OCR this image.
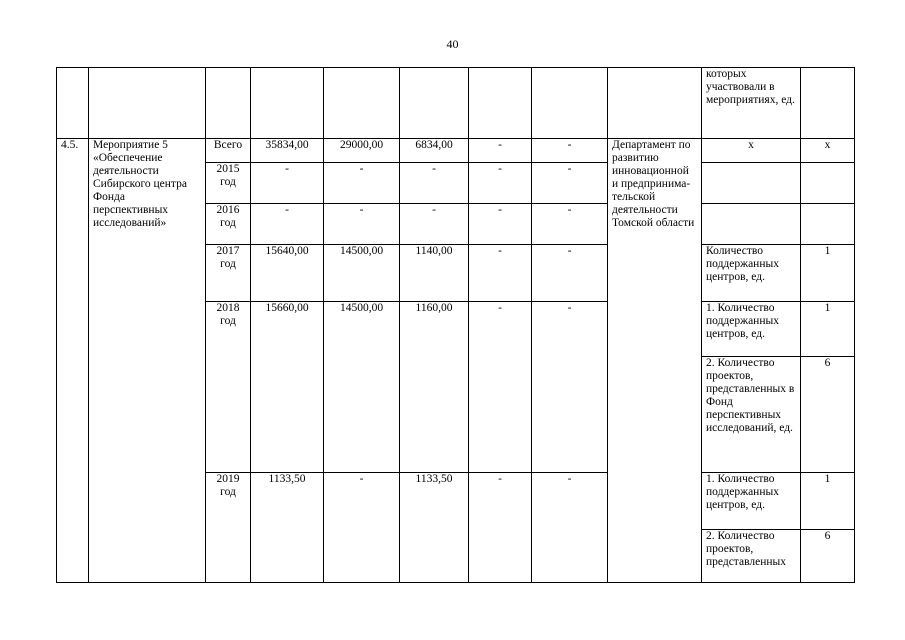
40
									которых участвовали в мероприятиях, ед.	
4.5.	Мероприятие 5 «Обеспечение деятельности Сибирского центра Фонда перспективных исследований»	Всего	35834,00	29000,00	6834,00	-	-	Департамент по развитию инновационной и предпринима-тельской деятельности Томской области	х	х
		2015 год	-	-	-	-	-			
		2016 год	-	-	-	-	-			
		2017 год	15640,00	14500,00	1140,00	-	-		Количество поддержанных центров, ед.	1
		2018 год	15660,00	14500,00	1160,00	-	-		1. Количество поддержанных центров, ед.	1
									2. Количество проектов, представленных в Фонд перспективных исследований, ед.	6
		2019 год	1133,50	-	1133,50	-	-		1. Количество поддержанных центров, ед.	1
									2. Количество проектов, представленных	6
